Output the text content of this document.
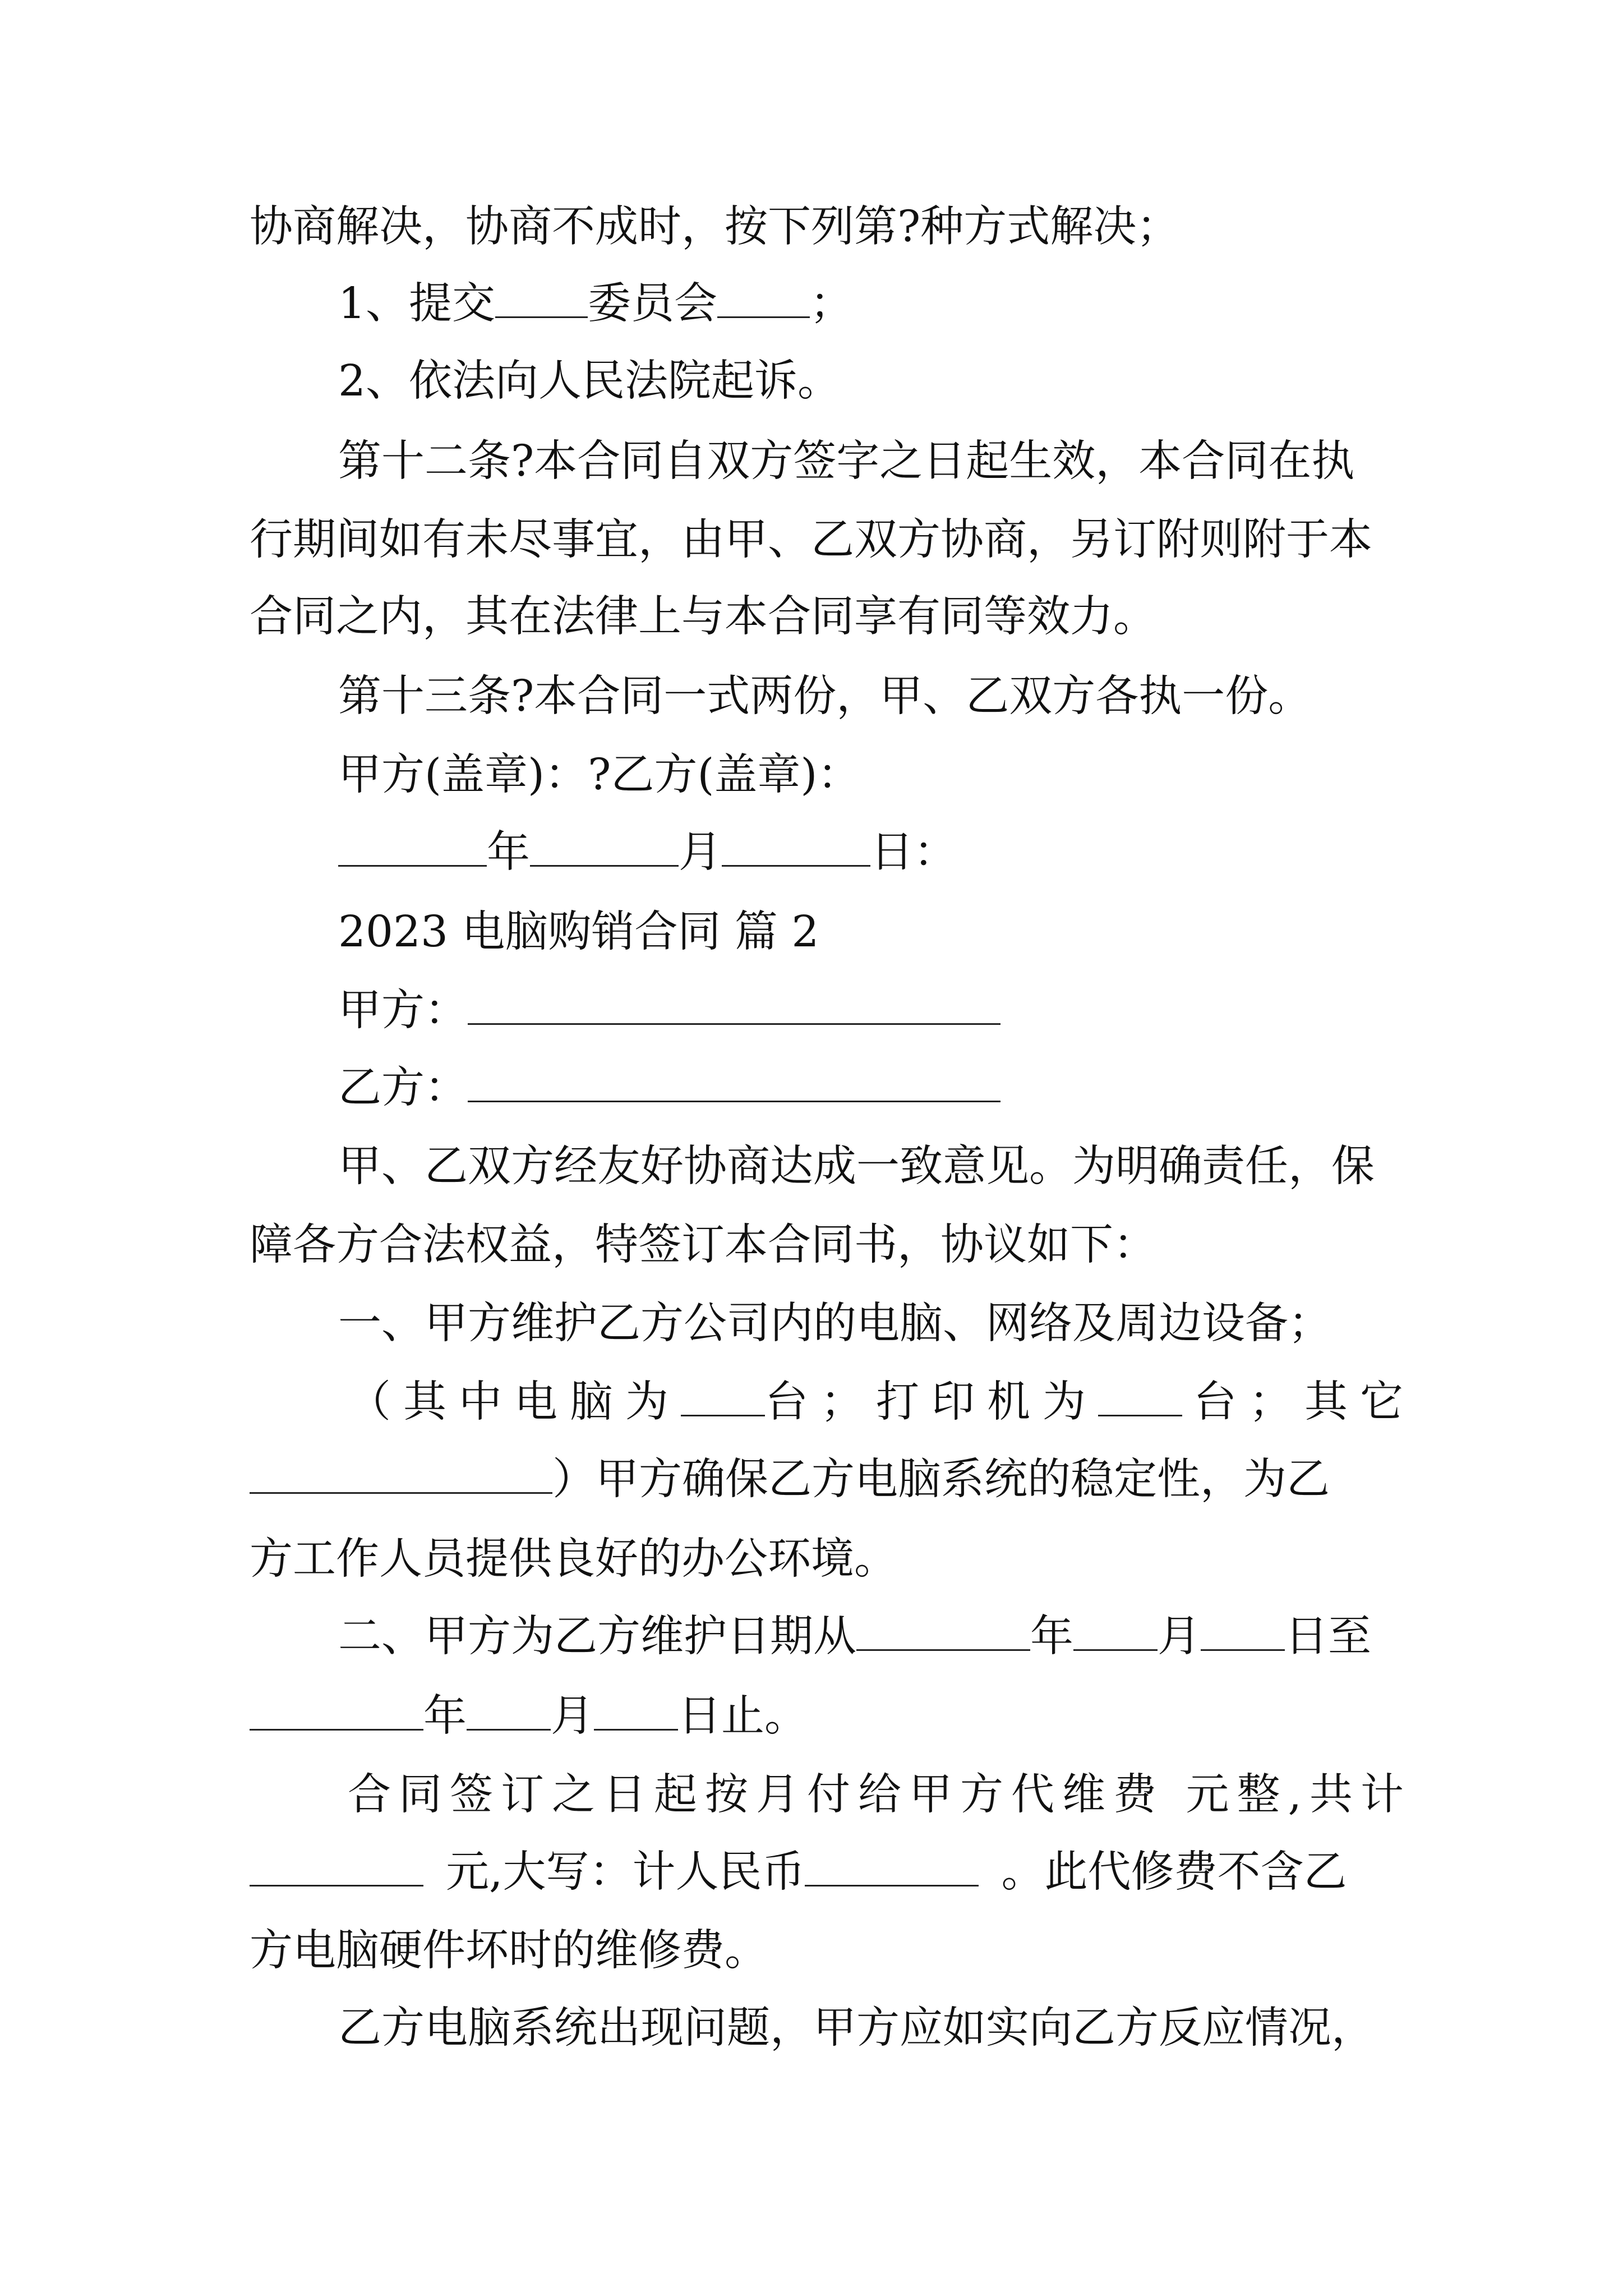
协商解决，协商不成时，按下列第?种方式解决；
1、提交 委员会 ；
2、依法向人民法院起诉。
第十二条?本合同自双方签字之日起生效，本合同在执
行期间如有未尽事宜，由甲、乙双方协商，另订附则附于本
合同之内，其在法律上与本合同享有同等效力。
第十三条?本合同一式两份，甲、乙双方各执一份。
甲方(盖章)：?乙方(盖章)：
年	月	日：
2023 电脑购销合同 篇 2
甲方：
乙方：
甲、乙双方经友好协商达成一致意见。为明确责任，保
障各方合法权益，特签订本合同书，协议如下：
一、甲方维护乙方公司内的电脑、网络及周边设备；
（其中电脑为 台；打印机为 台；其它
）甲方确保乙方电脑系统的稳定性，为乙
方工作人员提供良好的办公环境。
二、甲方为乙方维护日期从	年 月 日至
年 月 日止。
合同签订之日起按月付给甲方代维费 元整,共计
元,大写：计人民币	。此代修费不含乙
方电脑硬件坏时的维修费。
乙方电脑系统出现问题，甲方应如实向乙方反应情况，
